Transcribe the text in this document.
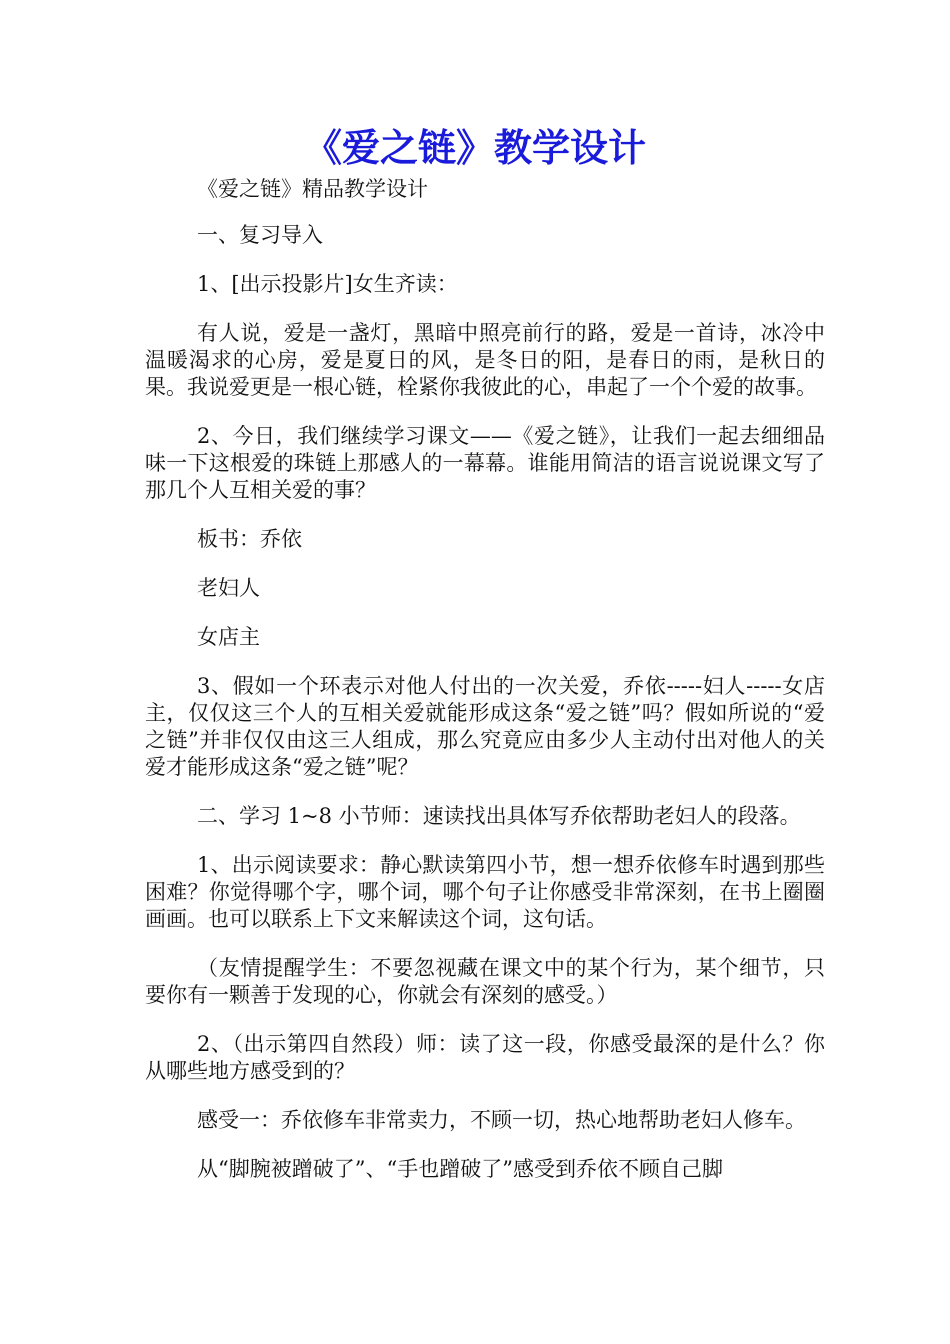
《爱之链》教学设计
《爱之链》精品教学设计

一、复习导入

1、[出示投影片]女生齐读：

有人说，爱是一盏灯，黑暗中照亮前行的路，爱是一首诗，冰冷中温暖渴求的心房，爱是夏日的风，是冬日的阳，是春日的雨，是秋日的果。我说爱更是一根心链，栓紧你我彼此的心，串起了一个个爱的故事。

2、今日，我们继续学习课文——《爱之链》，让我们一起去细细品味一下这根爱的珠链上那感人的一幕幕。谁能用简洁的语言说说课文写了那几个人互相关爱的事？

板书：乔依

老妇人

女店主

3、假如一个环表示对他人付出的一次关爱，乔依-----妇人-----女店主，仅仅这三个人的互相关爱就能形成这条“爱之链”吗？假如所说的“爱之链”并非仅仅由这三人组成，那么究竟应由多少人主动付出对他人的关爱才能形成这条“爱之链”呢？

二、学习 1~8 小节师：速读找出具体写乔依帮助老妇人的段落。

1、出示阅读要求：静心默读第四小节，想一想乔依修车时遇到那些困难？你觉得哪个字，哪个词，哪个句子让你感受非常深刻，在书上圈圈画画。也可以联系上下文来解读这个词，这句话。

（友情提醒学生：不要忽视藏在课文中的某个行为，某个细节，只要你有一颗善于发现的心，你就会有深刻的感受。）

2、（出示第四自然段）师：读了这一段，你感受最深的是什么？你从哪些地方感受到的？

感受一：乔依修车非常卖力，不顾一切，热心地帮助老妇人修车。

从“脚腕被蹭破了”、“手也蹭破了”感受到乔依不顾自己脚
